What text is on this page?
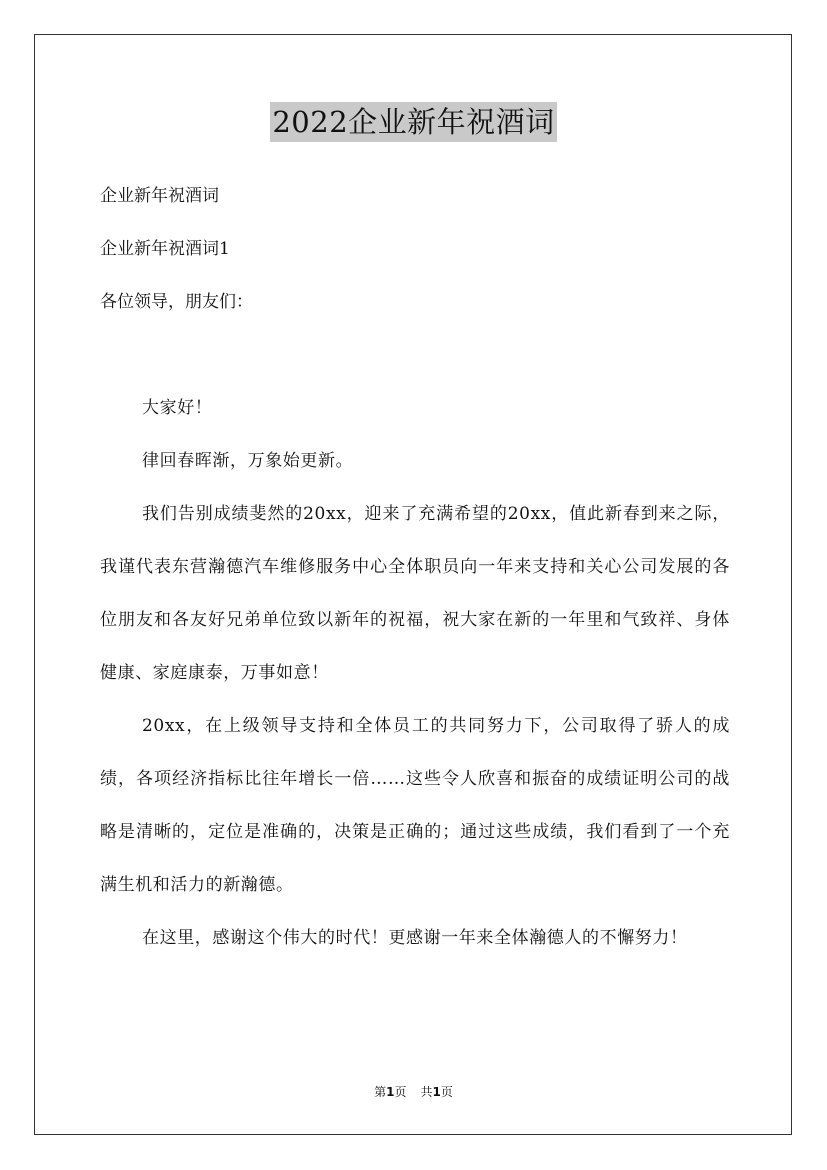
2022企业新年祝酒词

企业新年祝酒词

企业新年祝酒词1

各位领导，朋友们：

大家好！

律回春晖渐，万象始更新。

我们告别成绩斐然的20xx，迎来了充满希望的20xx，值此新春到来之际，我谨代表东营瀚德汽车维修服务中心全体职员向一年来支持和关心公司发展的各位朋友和各友好兄弟单位致以新年的祝福，祝大家在新的一年里和气致祥、身体健康、家庭康泰，万事如意！

20xx，在上级领导支持和全体员工的共同努力下，公司取得了骄人的成绩，各项经济指标比往年增长一倍……这些令人欣喜和振奋的成绩证明公司的战略是清晰的，定位是准确的，决策是正确的；通过这些成绩，我们看到了一个充满生机和活力的新瀚德。

在这里，感谢这个伟大的时代！更感谢一年来全体瀚德人的不懈努力！

第1页 共1页
